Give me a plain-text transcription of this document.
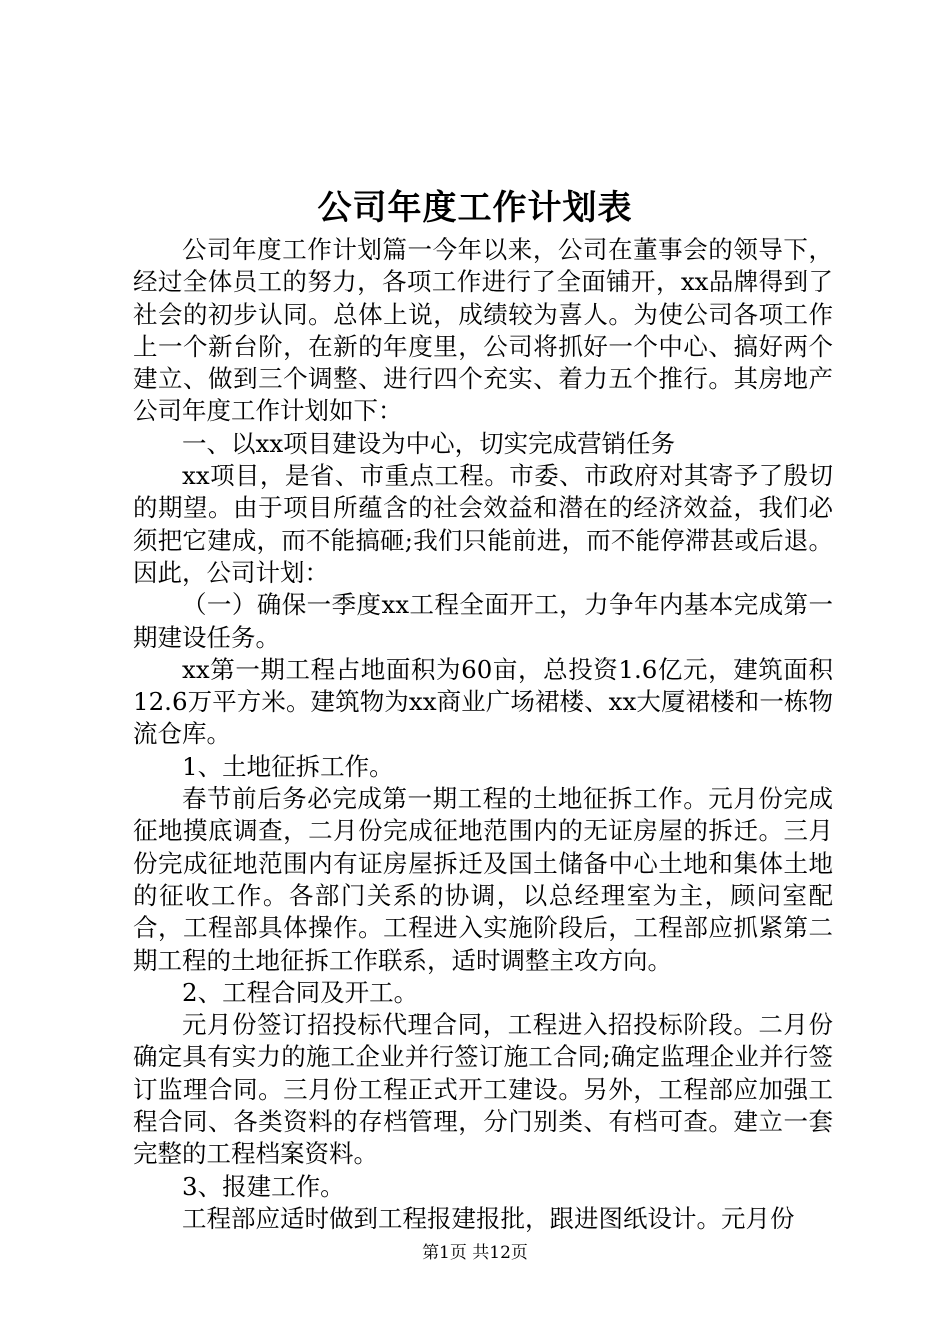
公司年度工作计划表

公司年度工作计划篇一今年以来，公司在董事会的领导下，经过全体员工的努力，各项工作进行了全面铺开，xx品牌得到了社会的初步认同。总体上说，成绩较为喜人。为使公司各项工作上一个新台阶，在新的年度里，公司将抓好一个中心、搞好两个建立、做到三个调整、进行四个充实、着力五个推行。其房地产公司年度工作计划如下：

一、以xx项目建设为中心，切实完成营销任务

xx项目，是省、市重点工程。市委、市政府对其寄予了殷切的期望。由于项目所蕴含的社会效益和潜在的经济效益，我们必须把它建成，而不能搞砸;我们只能前进，而不能停滞甚或后退。因此，公司计划：

（一）确保一季度xx工程全面开工，力争年内基本完成第一期建设任务。

xx第一期工程占地面积为60亩，总投资1.6亿元，建筑面积12.6万平方米。建筑物为xx商业广场裙楼、xx大厦裙楼和一栋物流仓库。

1、土地征拆工作。

春节前后务必完成第一期工程的土地征拆工作。元月份完成征地摸底调查，二月份完成征地范围内的无证房屋的拆迁。三月份完成征地范围内有证房屋拆迁及国土储备中心土地和集体土地的征收工作。各部门关系的协调，以总经理室为主，顾问室配合，工程部具体操作。工程进入实施阶段后，工程部应抓紧第二期工程的土地征拆工作联系，适时调整主攻方向。

2、工程合同及开工。

元月份签订招投标代理合同，工程进入招投标阶段。二月份确定具有实力的施工企业并行签订施工合同;确定监理企业并行签订监理合同。三月份工程正式开工建设。另外，工程部应加强工程合同、各类资料的存档管理，分门别类、有档可查。建立一套完整的工程档案资料。

3、报建工作。

工程部应适时做到工程报建报批，跟进图纸设计。元月份

第1页 共12页
